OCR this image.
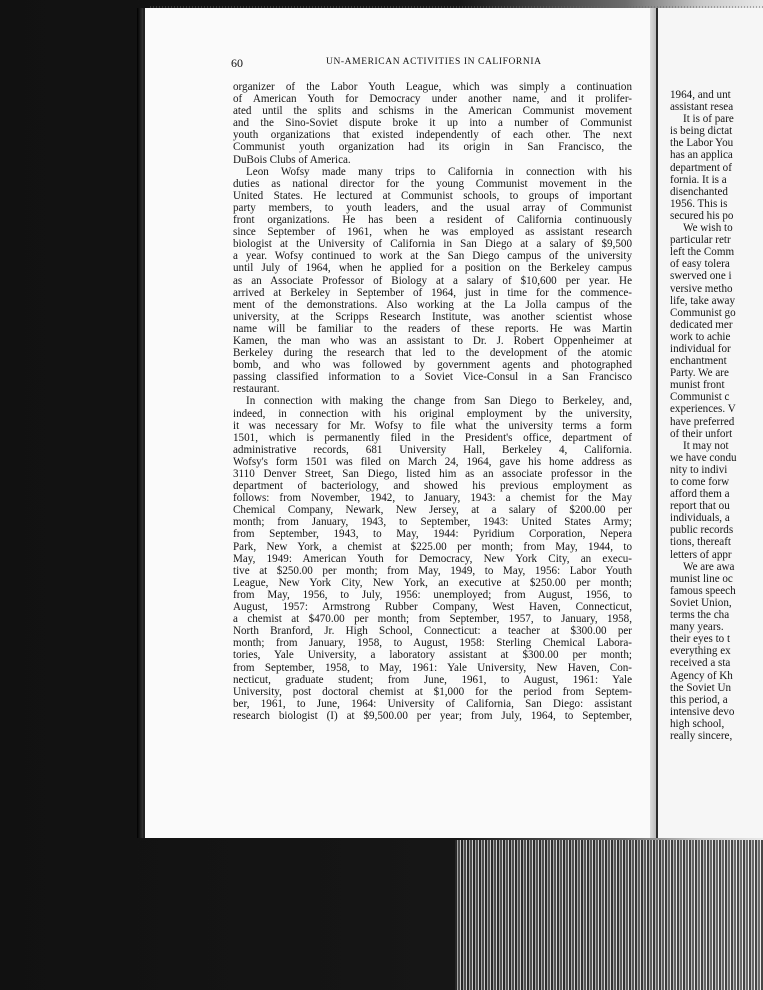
60	UN-AMERICAN ACTIVITIES IN CALIFORNIA
organizer of the Labor Youth League, which was simply a continuation
of American Youth for Democracy under another name, and it prolifer-
ated until the splits and schisms in the American Communist movement
and the Sino-Soviet dispute broke it up into a number of Communist
youth organizations that existed independently of each other. The next
Communist youth organization had its origin in San Francisco, the
DuBois Clubs of America.
Leon Wofsy made many trips to California in connection with his
duties as national director for the young Communist movement in the
United States. He lectured at Communist schools, to groups of important
party members, to youth leaders, and the usual array of Communist
front organizations. He has been a resident of California continuously
since September of 1961, when he was employed as assistant research
biologist at the University of California in San Diego at a salary of $9,500
a year. Wofsy continued to work at the San Diego campus of the university
until July of 1964, when he applied for a position on the Berkeley campus
as an Associate Professor of Biology at a salary of $10,600 per year. He
arrived at Berkeley in September of 1964, just in time for the commence-
ment of the demonstrations. Also working at the La Jolla campus of the
university, at the Scripps Research Institute, was another scientist whose
name will be familiar to the readers of these reports. He was Martin
Kamen, the man who was an assistant to Dr. J. Robert Oppenheimer at
Berkeley during the research that led to the development of the atomic
bomb, and who was followed by government agents and photographed
passing classified information to a Soviet Vice-Consul in a San Francisco
restaurant.
In connection with making the change from San Diego to Berkeley, and,
indeed, in connection with his original employment by the university,
it was necessary for Mr. Wofsy to file what the university terms a form
1501, which is permanently filed in the President's office, department of
administrative records, 681 University Hall, Berkeley 4, California.
Wofsy's form 1501 was filed on March 24, 1964, gave his home address as
3110 Denver Street, San Diego, listed him as an associate professor in the
department of bacteriology, and showed his previous employment as
follows: from November, 1942, to January, 1943: a chemist for the May
Chemical Company, Newark, New Jersey, at a salary of $200.00 per
month; from January, 1943, to September, 1943: United States Army;
from September, 1943, to May, 1944: Pyridium Corporation, Nepera
Park, New York, a chemist at $225.00 per month; from May, 1944, to
May, 1949: American Youth for Democracy, New York City, an execu-
tive at $250.00 per month; from May, 1949, to May, 1956: Labor Youth
League, New York City, New York, an executive at $250.00 per month;
from May, 1956, to July, 1956: unemployed; from August, 1956, to
August, 1957: Armstrong Rubber Company, West Haven, Connecticut,
a chemist at $470.00 per month; from September, 1957, to January, 1958,
North Branford, Jr. High School, Connecticut: a teacher at $300.00 per
month; from January, 1958, to August, 1958: Sterling Chemical Labora-
tories, Yale University, a laboratory assistant at $300.00 per month;
from September, 1958, to May, 1961: Yale University, New Haven, Con-
necticut, graduate student; from June, 1961, to August, 1961: Yale
University, post doctoral chemist at $1,000 for the period from Septem-
ber, 1961, to June, 1964: University of California, San Diego: assistant
research biologist (I) at $9,500.00 per year; from July, 1964, to September,
1964, and unt
assistant resea
It is of pare
is being dictat
the Labor You
has an applica
department of
fornia. It is a
disenchanted
1956. This is
secured his po
We wish to
particular retr
left the Comm
of easy tolera
swerved one i
versive metho
life, take away
Communist go
dedicated mer
work to achie
individual for
enchantment
Party. We are
munist front
Communist c
experiences. V
have preferred
of their unfort
It may not
we have condu
nity to indivi
to come forw
afford them a
report that ou
individuals, a
public records
tions, thereaft
letters of appr
We are awa
munist line oc
famous speech
Soviet Union,
terms the cha
many years.
their eyes to t
everything ex
received a sta
Agency of Kh
the Soviet Un
this period, a
intensive devo
high school,
really sincere,
